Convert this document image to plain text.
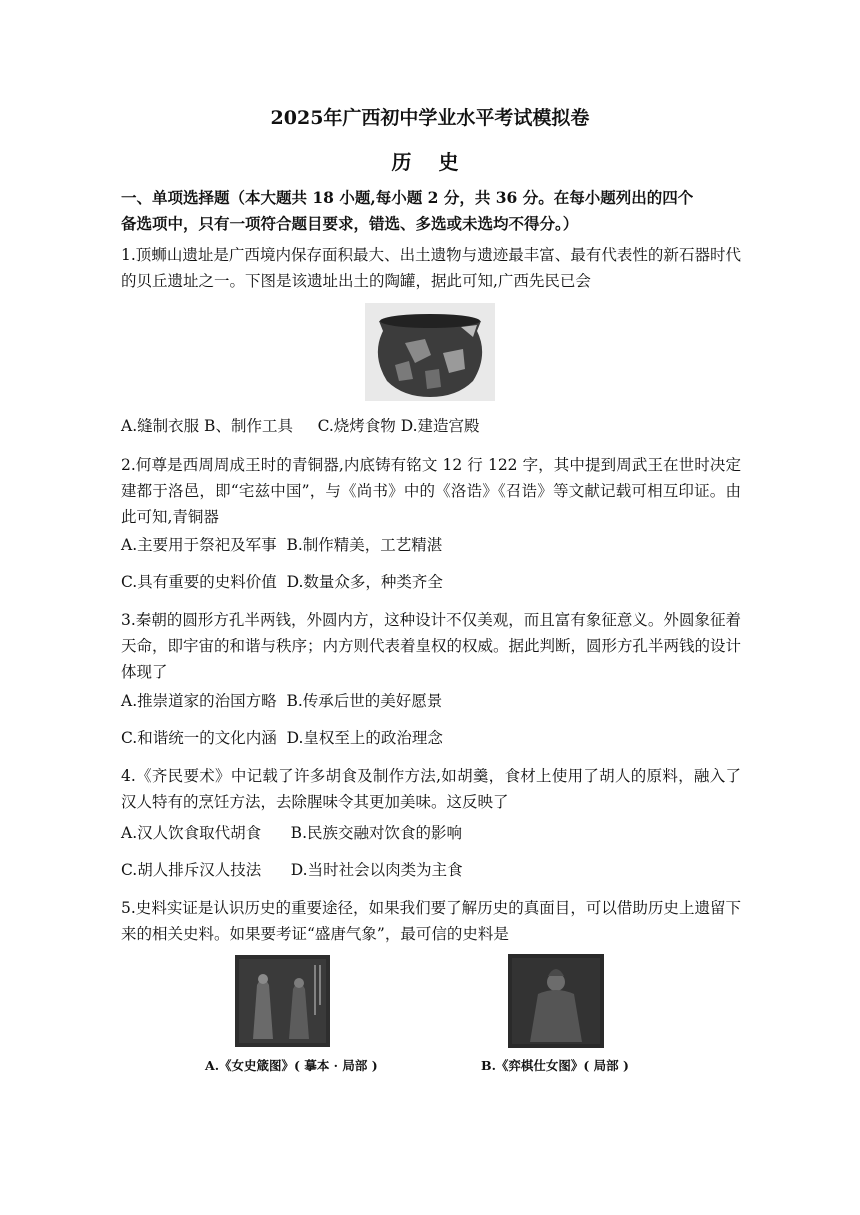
2025年广西初中学业水平考试模拟卷
历 史
一、单项选择题（本大题共 18 小题,每小题 2 分，共 36 分。在每小题列出的四个
备选项中，只有一项符合题目要求，错选、多选或未选均不得分。）
1.顶蛳山遗址是广西境内保存面积最大、出土遗物与遗迹最丰富、最有代表性的新石器时代的贝丘遗址之一。下图是该遗址出土的陶罐，据此可知,广西先民已会
A.缝制衣服 B、制作工具     C.烧烤食物 D.建造宫殿
2.何尊是西周周成王时的青铜器,内底铸有铭文 12 行 122 字，其中提到周武王在世时决定建都于洛邑，即“宅兹中国”，与《尚书》中的《洛诰》《召诰》等文献记载可相互印证。由此可知,青铜器
A.主要用于祭祀及军事  B.制作精美，工艺精湛
C.具有重要的史料价值  D.数量众多，种类齐全
3.秦朝的圆形方孔半两钱，外圆内方，这种设计不仅美观，而且富有象征意义。外圆象征着天命，即宇宙的和谐与秩序；内方则代表着皇权的权威。据此判断，圆形方孔半两钱的设计体现了
A.推崇道家的治国方略  B.传承后世的美好愿景
C.和谐统一的文化内涵  D.皇权至上的政治理念
4.《齐民要术》中记载了许多胡食及制作方法,如胡羹，食材上使用了胡人的原料，融入了汉人特有的烹饪方法，去除腥味令其更加美味。这反映了
A.汉人饮食取代胡食      B.民族交融对饮食的影响
C.胡人排斥汉人技法      D.当时社会以肉类为主食
5.史料实证是认识历史的重要途径，如果我们要了解历史的真面目，可以借助历史上遗留下来的相关史料。如果要考证“盛唐气象”，最可信的史料是
A.《女史箴图》( 摹本 · 局部 )	B.《弈棋仕女图》( 局部 )
